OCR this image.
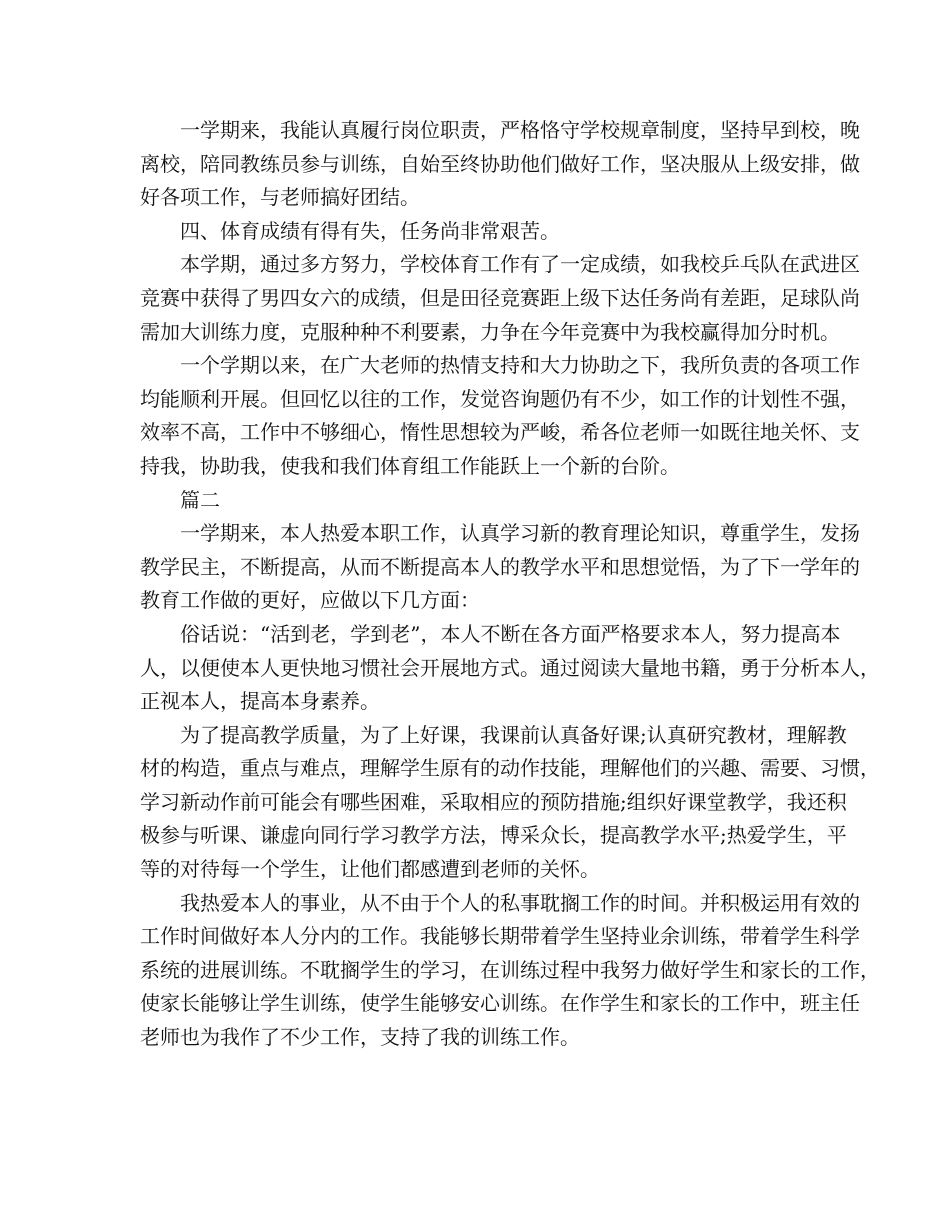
一学期来，我能认真履行岗位职责，严格恪守学校规章制度，坚持早到校，晚
离校，陪同教练员参与训练，自始至终协助他们做好工作，坚决服从上级安排，做
好各项工作，与老师搞好团结。
四、体育成绩有得有失，任务尚非常艰苦。
本学期，通过多方努力，学校体育工作有了一定成绩，如我校乒乓队在武进区
竞赛中获得了男四女六的成绩，但是田径竞赛距上级下达任务尚有差距，足球队尚
需加大训练力度，克服种种不利要素，力争在今年竞赛中为我校赢得加分时机。
一个学期以来，在广大老师的热情支持和大力协助之下，我所负责的各项工作
均能顺利开展。但回忆以往的工作，发觉咨询题仍有不少，如工作的计划性不强，
效率不高，工作中不够细心，惰性思想较为严峻，希各位老师一如既往地关怀、支
持我，协助我，使我和我们体育组工作能跃上一个新的台阶。
篇二
一学期来，本人热爱本职工作，认真学习新的教育理论知识，尊重学生，发扬
教学民主，不断提高，从而不断提高本人的教学水平和思想觉悟，为了下一学年的
教育工作做的更好，应做以下几方面：
俗话说：“活到老，学到老”，本人不断在各方面严格要求本人，努力提高本
人，以便使本人更快地习惯社会开展地方式。通过阅读大量地书籍，勇于分析本人，
正视本人，提高本身素养。
为了提高教学质量，为了上好课，我课前认真备好课;认真研究教材，理解教
材的构造，重点与难点，理解学生原有的动作技能，理解他们的兴趣、需要、习惯，
学习新动作前可能会有哪些困难，采取相应的预防措施;组织好课堂教学，我还积
极参与听课、谦虚向同行学习教学方法，博采众长，提高教学水平;热爱学生，平
等的对待每一个学生，让他们都感遭到老师的关怀。
我热爱本人的事业，从不由于个人的私事耽搁工作的时间。并积极运用有效的
工作时间做好本人分内的工作。我能够长期带着学生坚持业余训练，带着学生科学
系统的进展训练。不耽搁学生的学习，在训练过程中我努力做好学生和家长的工作，
使家长能够让学生训练，使学生能够安心训练。在作学生和家长的工作中，班主任
老师也为我作了不少工作，支持了我的训练工作。
